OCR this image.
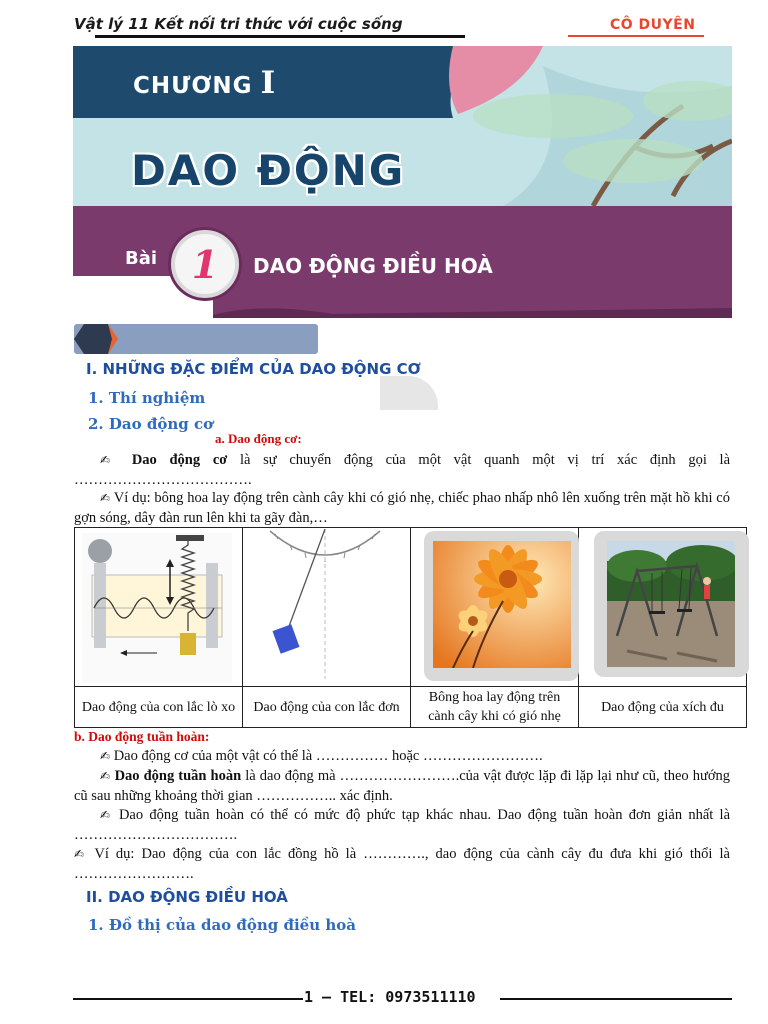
Vật lý 11 Kết nối tri thức với cuộc sống	CÔ DUYÊN
CHƯƠNG I
DAO ĐỘNG
Bài 1	DAO ĐỘNG ĐIỀU HOÀ
I. NHỮNG ĐẶC ĐIỂM CỦA DAO ĐỘNG CƠ
1. Thí nghiệm
2. Dao động cơ
a. Dao động cơ:
✍ Dao động cơ là sự chuyển động của một vật quanh một vị trí xác định gọi là ……………………………….
✍ Ví dụ: bông hoa lay động trên cành cây khi có gió nhẹ, chiếc phao nhấp nhô lên xuống trên mặt hồ khi có gợn sóng, dây đàn run lên khi ta gãy đàn,…

Dao động của con lắc lò xo	Dao động của con lắc đơn	Bông hoa lay động trên cành cây khi có gió nhẹ	Dao động của xích đu
b. Dao động tuần hoàn:
✍ Dao động cơ của một vật có thể là …………… hoặc …………………….
✍ Dao động tuần hoàn là dao động mà …………………….của vật được lặp đi lặp lại như cũ, theo hướng cũ sau những khoảng thời gian …………….. xác định.
✍ Dao động tuần hoàn có thể có mức độ phức tạp khác nhau. Dao động tuần hoàn đơn giản nhất là …………………………….
✍ Ví dụ: Dao động của con lắc đồng hồ là …………., dao động của cành cây đu đưa khi gió thổi là …………………….
II. DAO ĐỘNG ĐIỀU HOÀ
1. Đồ thị của dao động điều hoà
1 – TEL: 0973511110
